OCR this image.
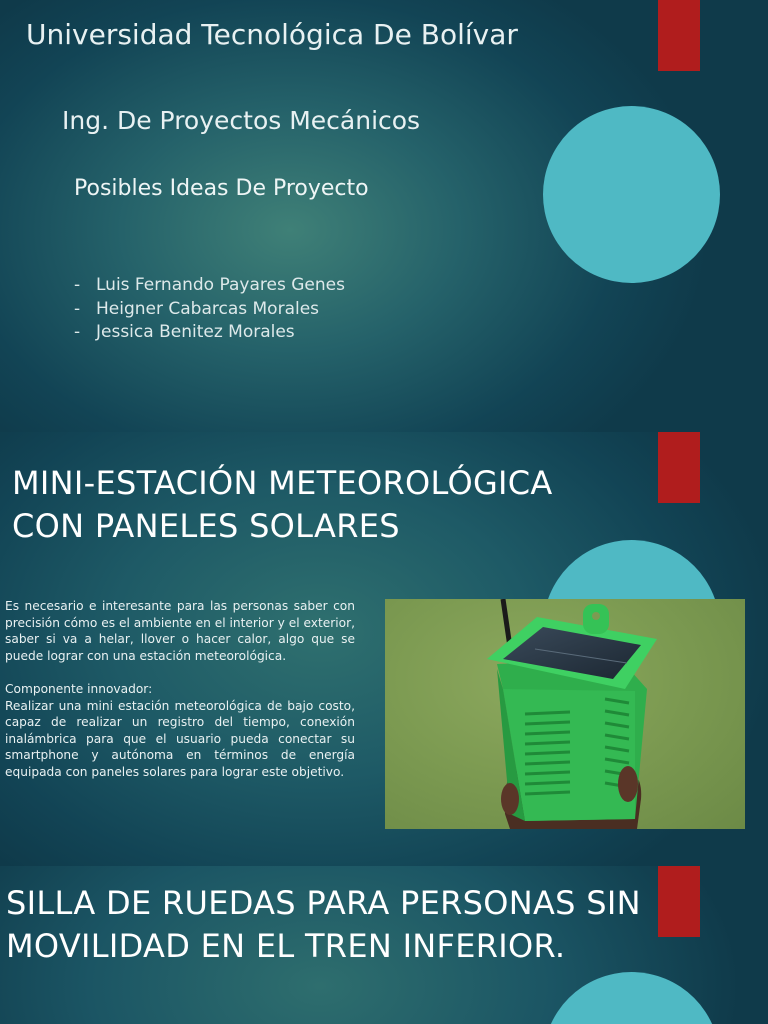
Universidad Tecnológica De Bolívar
Ing. De Proyectos Mecánicos
Posibles Ideas De Proyecto
- Luis Fernando Payares Genes
- Heigner Cabarcas Morales
- Jessica Benitez Morales
MINI-ESTACIÓN METEOROLÓGICA
CON PANELES SOLARES

Es necesario e interesante para las personas saber con precisión cómo es el ambiente en el interior y el exterior, saber si va a helar, llover o hacer calor, algo que se puede lograr con una estación meteorológica.

Componente innovador:

Realizar una mini estación meteorológica de bajo costo, capaz de realizar un registro del tiempo, conexión inalámbrica para que el usuario pueda conectar su smartphone y autónoma en términos de energía equipada con paneles solares para lograr este objetivo.

SILLA DE RUEDAS PARA PERSONAS SIN
MOVILIDAD EN EL TREN INFERIOR.
